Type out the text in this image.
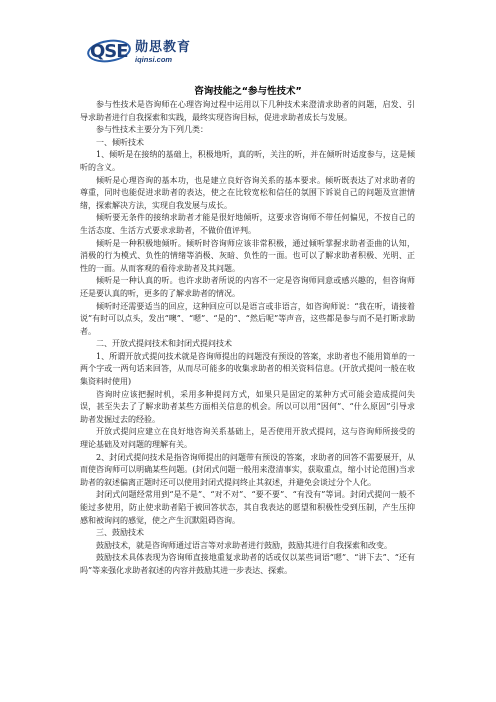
QSE 勋思教育
iqinsi.com
咨询技能之“参与性技术”

参与性技术是咨询师在心理咨询过程中运用以下几种技术来澄清求助者的问题，启发、引导求助者进行自我探索和实践，最终实现咨询目标，促进求助者成长与发展。

参与性技术主要分为下列几类：

一、倾听技术

1、倾听是在接纳的基础上，积极地听，真的听，关注的听，并在倾听时适度参与，这是倾听的含义。

倾听是心理咨询的基本功，也是建立良好咨询关系的基本要求。倾听既表达了对求助者的尊重，同时也能促进求助者的表达，使之在比较宽松和信任的氛围下诉说自己的问题及宣泄情绪，探索解决方法，实现自我发展与成长。

倾听要无条件的接纳求助者才能是很好地倾听，这要求咨询师不带任何偏见，不按自己的生活态度、生活方式要求求助者，不做价值评判。

倾听是一种积极地倾听。倾听时咨询师应该非常积极，通过倾听掌握求助者歪曲的认知，消极的行为模式、负性的情绪等消极、灰暗、负性的一面。也可以了解求助者积极、光明、正性的一面。从而客观的看待求助者及其问题。

倾听是一种认真的听。也许求助者所说的内容不一定是咨询师同意或感兴趣的，但咨询师还是要认真的听，更多的了解求助者的情况。

倾听时还需要适当的回应，这种回应可以是语言或非语言，如咨询师说：“我在听，请接着说”有时可以点头，发出“噢”、“嗯”、“是的”、“然后呢”等声音，这些都是参与而不是打断求助者。

二、开放式提问技术和封闭式提问技术

1、所谓开放式提问技术就是咨询师提出的问题没有预设的答案，求助者也不能用简单的一两个字或一两句话来回答，从而尽可能多的收集求助者的相关资料信息。(开放式提问一般在收集资料时使用)

咨询时应该把握时机，采用多种提问方式，如果只是固定的某种方式可能会造成提问失误，甚至失去了了解求助者某些方面相关信息的机会。所以可以用“因何”、“什么原因”引导求助者发掘过去的经验。

开放式提问应建立在良好地咨询关系基础上，是否使用开放式提问，这与咨询师所接受的理论基础及对问题的理解有关。

2、封闭式提问技术是指咨询师提出的问题带有预设的答案，求助者的回答不需要展开，从而使咨询师可以明确某些问题。(封闭式问题一般用来澄清事实，获取重点，缩小讨论范围)当求助者的叙述偏离正题时还可以使用封闭式提问终止其叙述，并避免会谈过分个人化。

封闭式问题经常用到“是不是”、“对不对”、“要不要”、“有没有”等词。封闭式提问一般不能过多使用，防止使求助者陷于被回答状态，其自我表达的愿望和积极性受到压制，产生压抑感和被询问的感觉，使之产生沉默阻碍咨询。

三、鼓励技术

鼓励技术，就是咨询师通过语言等对求助者进行鼓励，鼓励其进行自我探索和改变。

鼓励技术具体表现为咨询师直接地重复求助者的话或仅以某些词语“嗯”、“讲下去”、“还有吗”等来强化求助者叙述的内容并鼓励其进一步表达、探索。
